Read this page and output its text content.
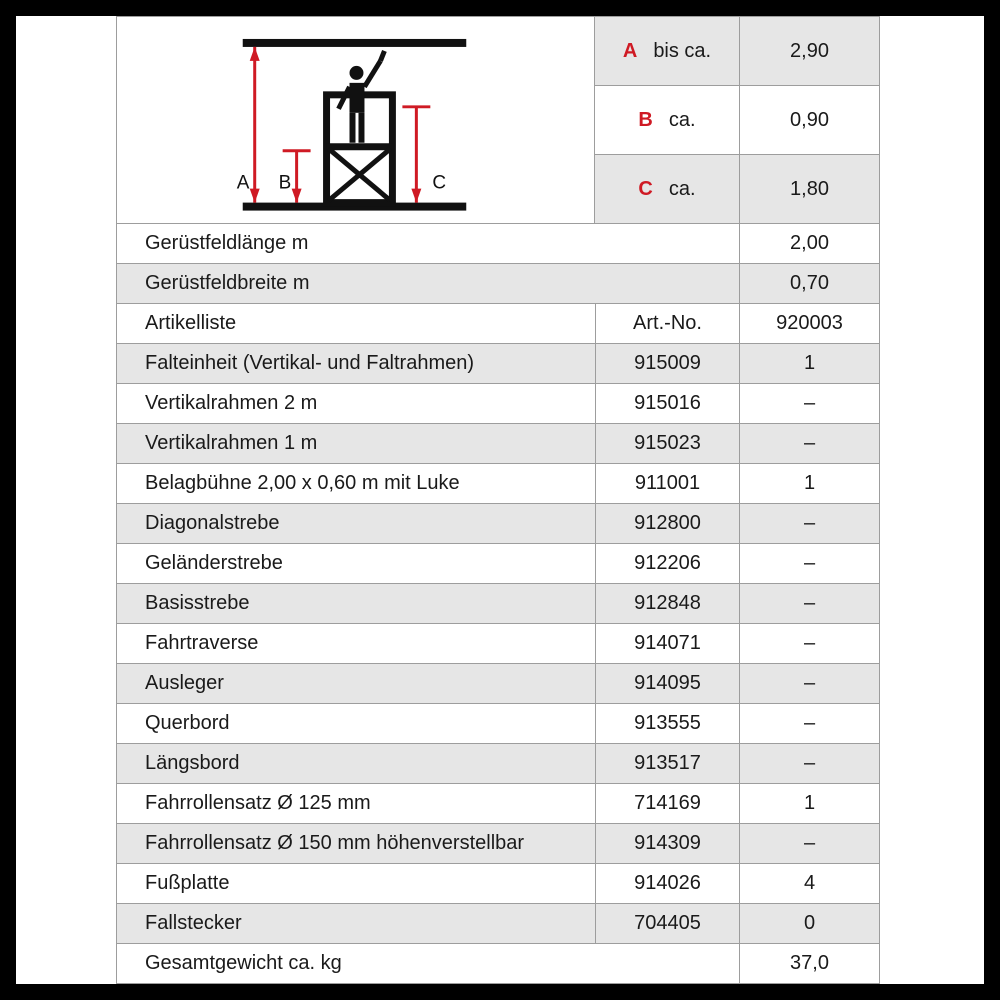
A B	C
A bis ca.	2,90
B ca.	0,90
C ca.	1,80
Gerüstfeldlänge m	2,00
Gerüstfeldbreite m	0,70
Artikelliste	Art.-No.	920003
Falteinheit (Vertikal- und Faltrahmen)	915009	1
Vertikalrahmen 2 m	915016	–
Vertikalrahmen 1 m	915023	–
Belagbühne 2,00 x 0,60 m mit Luke	911001	1
Diagonalstrebe	912800	–
Geländerstrebe	912206	–
Basisstrebe	912848	–
Fahrtraverse	914071	–
Ausleger	914095	–
Querbord	913555	–
Längsbord	913517	–
Fahrrollensatz Ø 125 mm	714169	1
Fahrrollensatz Ø 150 mm höhenverstellbar	914309	–
Fußplatte	914026	4
Fallstecker	704405	0
Gesamtgewicht ca. kg	37,0
